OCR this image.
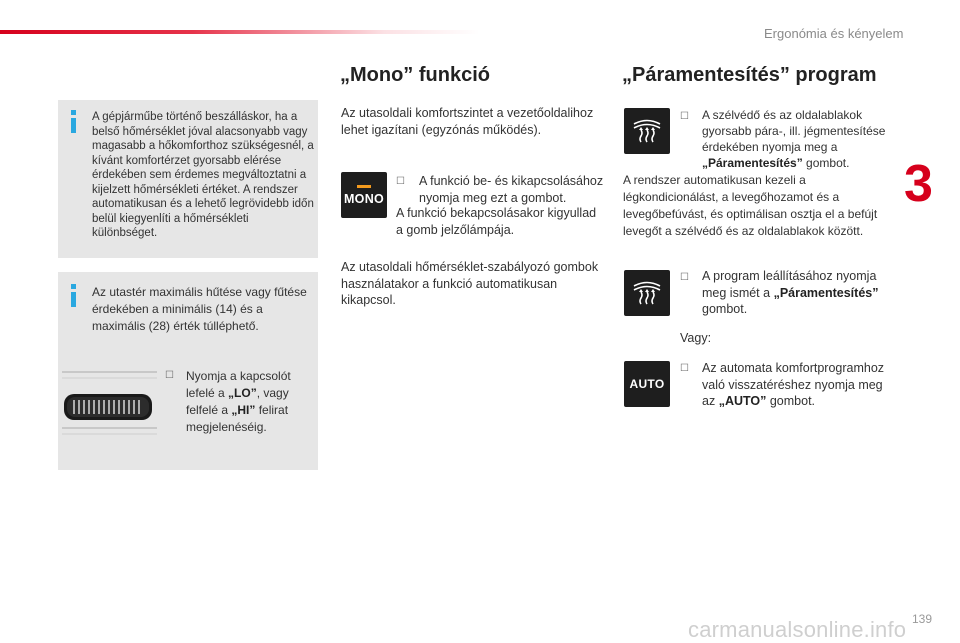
Ergonómia és kényelem
3
A gépjárműbe történő beszálláskor, ha a belső hőmérséklet jóval alacsonyabb vagy magasabb a hőkomforthoz szükségesnél, a kívánt komfortérzet gyorsabb elérése érdekében sem érdemes megváltoztatni a kijelzett hőmérsékleti értéket. A rendszer automatikusan és a lehető legrövidebb időn belül kiegyenlíti a hőmérsékleti különbséget.
Az utastér maximális hűtése vagy fűtése érdekében a minimális (14) és a maximális (28) érték túlléphető.
☐ Nyomja a kapcsolót
lefelé a „LO”, vagy
felfelé a „HI” felirat
megjelenéséig.
„Mono” funkció
Az utasoldali komfortszintet a vezetőoldalihoz lehet igazítani (egyzónás működés).
MONO
☐ A funkció be- és kikapcsolásához
nyomja meg ezt a gombot.
A funkció bekapcsolásakor kigyullad
a gomb jelzőlámpája.
Az utasoldali hőmérséklet-szabályozó gombok használatakor a funkció automatikusan kikapcsol.
„Páramentesítés” program
☐ A szélvédő és az oldalablakok
gyorsabb pára-, ill. jégmentesítése
érdekében nyomja meg a
„Páramentesítés” gombot.
A rendszer automatikusan kezeli a légkondicionálást, a levegőhozamot és a levegőbefúvást, és optimálisan osztja el a befújt levegőt a szélvédő és az oldalablakok között.
☐ A program leállításához nyomja
meg ismét a „Páramentesítés”
gombot.
Vagy:
AUTO
☐ Az automata komfortprogramhoz
való visszatéréshez nyomja meg
az „AUTO” gombot.
carmanualsonline.info 139
